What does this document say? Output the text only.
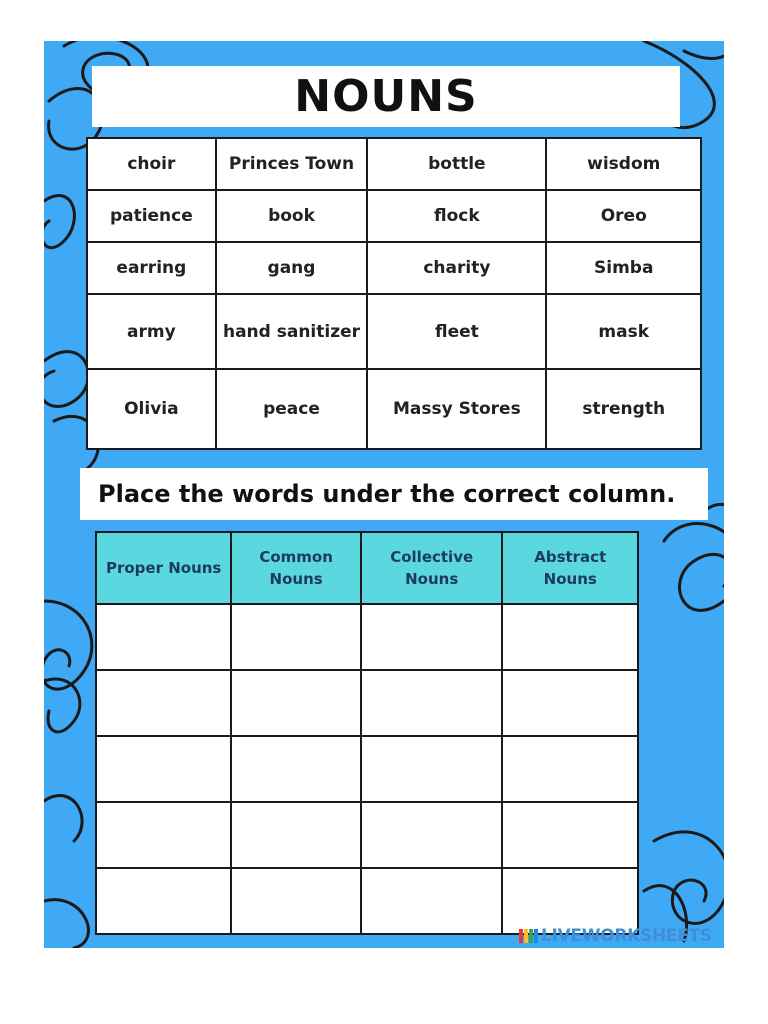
NOUNS
choir	Princes Town	bottle	wisdom
patience	book	flock	Oreo
earring	gang	charity	Simba
army	hand sanitizer	fleet	mask
Olivia	peace	Massy Stores	strength
Place the words under the correct column.
Proper Nouns	Common Nouns	Collective Nouns	Abstract Nouns

LIVEWORKSHEETS
